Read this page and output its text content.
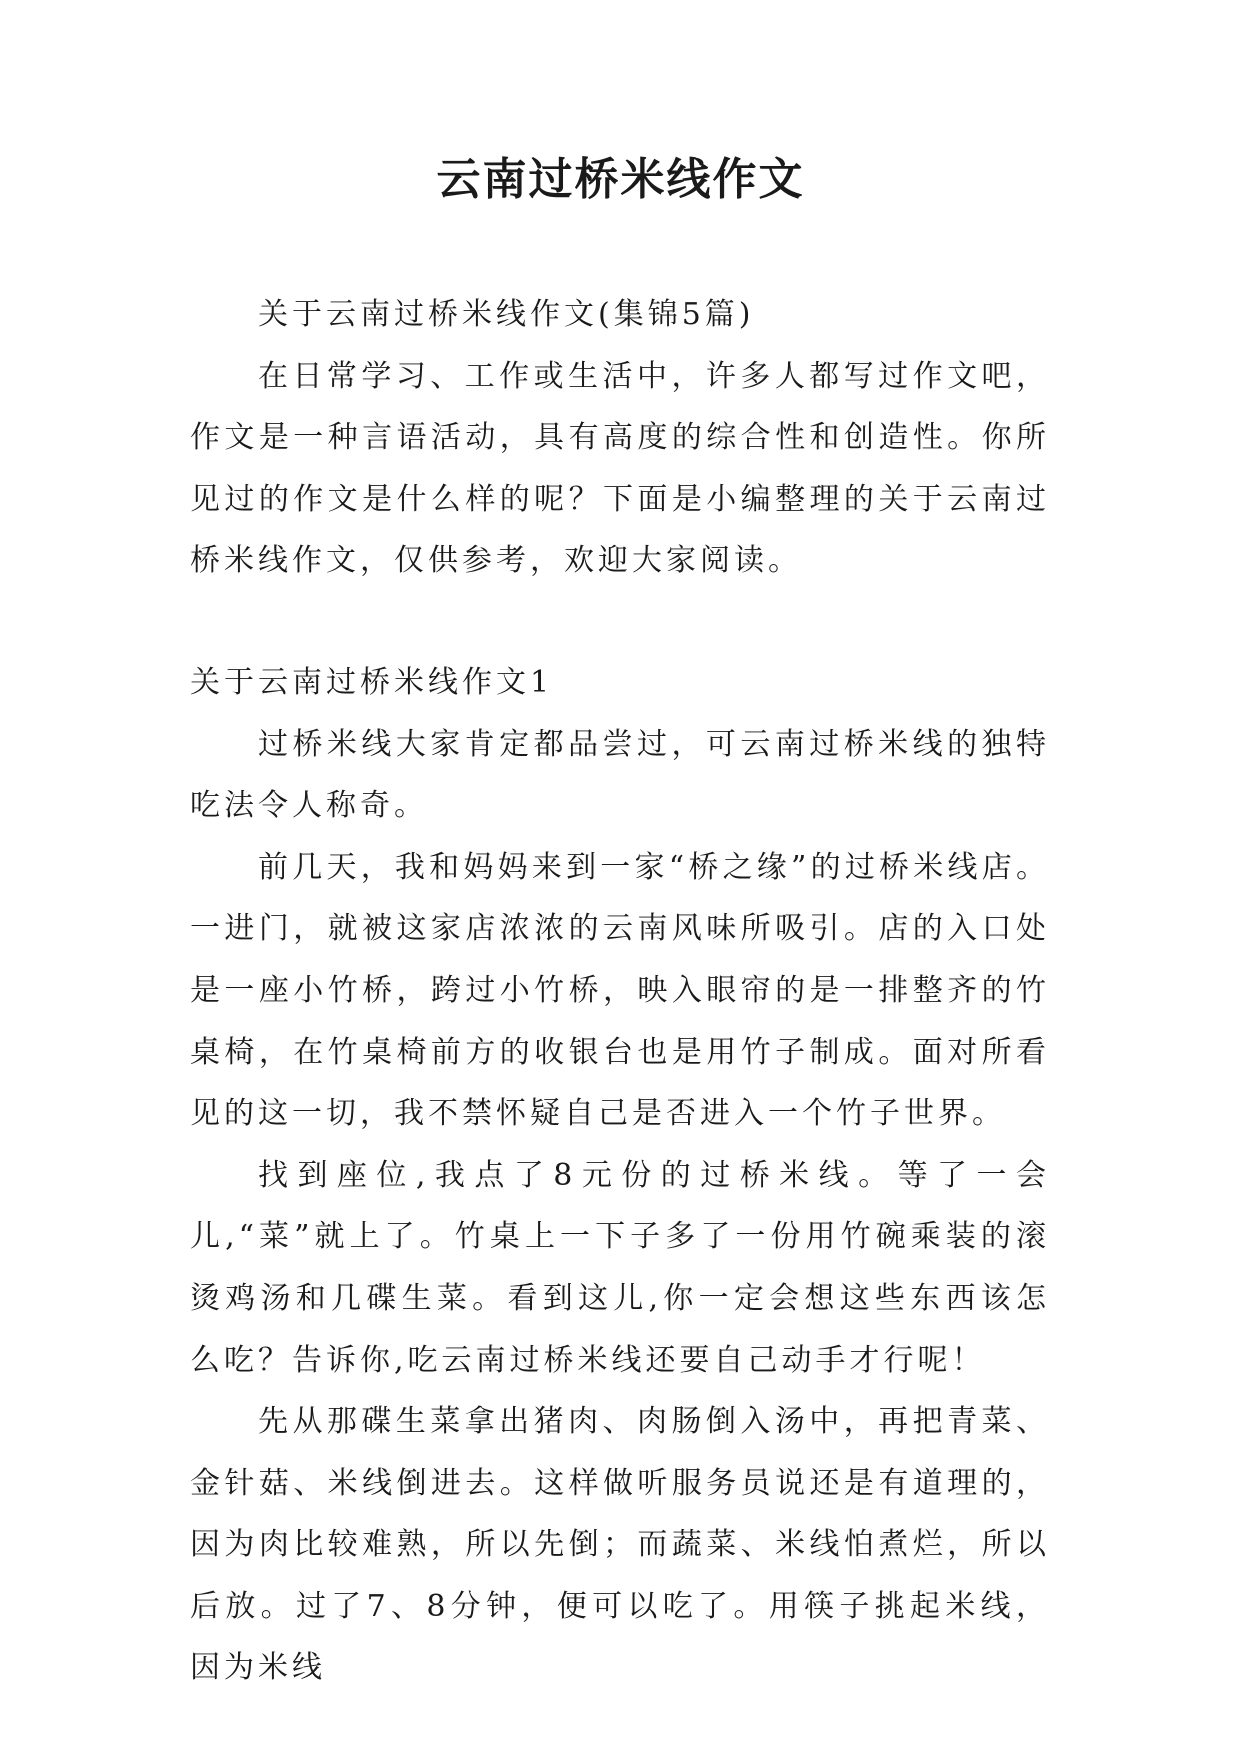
云南过桥米线作文

关于云南过桥米线作文(集锦5篇)

在日常学习、工作或生活中，许多人都写过作文吧，作文是一种言语活动，具有高度的综合性和创造性。你所见过的作文是什么样的呢？下面是小编整理的关于云南过桥米线作文，仅供参考，欢迎大家阅读。

关于云南过桥米线作文1

过桥米线大家肯定都品尝过，可云南过桥米线的独特吃法令人称奇。

前几天，我和妈妈来到一家“桥之缘”的过桥米线店。一进门，就被这家店浓浓的云南风味所吸引。店的入口处是一座小竹桥，跨过小竹桥，映入眼帘的是一排整齐的竹桌椅，在竹桌椅前方的收银台也是用竹子制成。面对所看见的这一切，我不禁怀疑自己是否进入一个竹子世界。

找到座位,我点了8元份的过桥米线。等了一会儿,“菜”就上了。竹桌上一下子多了一份用竹碗乘装的滚烫鸡汤和几碟生菜。看到这儿,你一定会想这些东西该怎么吃？告诉你,吃云南过桥米线还要自己动手才行呢！

先从那碟生菜拿出猪肉、肉肠倒入汤中，再把青菜、金针菇、米线倒进去。这样做听服务员说还是有道理的，因为肉比较难熟，所以先倒；而蔬菜、米线怕煮烂，所以后放。过了7、8分钟，便可以吃了。用筷子挑起米线，因为米线
